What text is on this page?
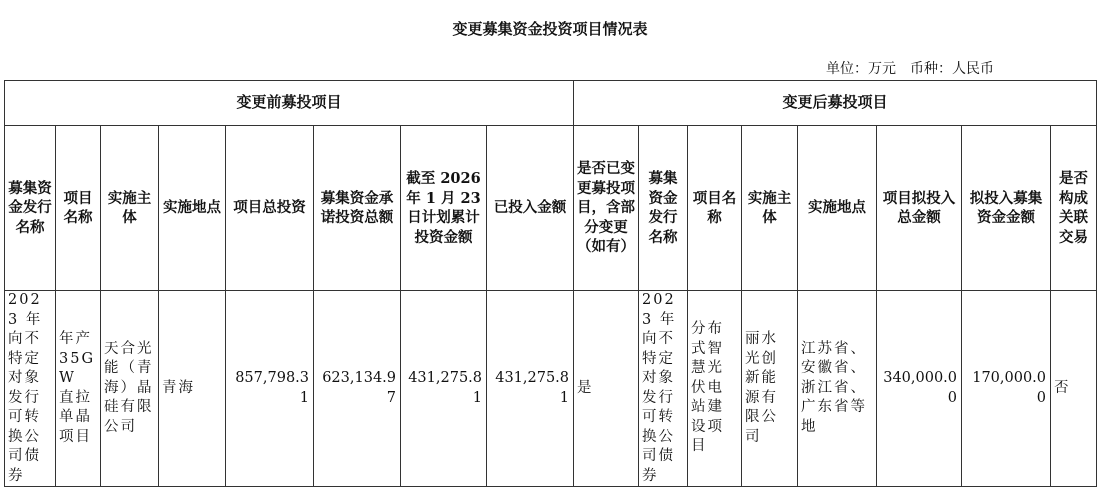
变更募集资金投资项目情况表
单位：万元　币种：人民币
变更前募投项目								变更后募投项目							
募集资金发行名称	项目名称	实施主体	实施地点	项目总投资	募集资金承诺投资总额	截至 2026 年 1 月 23 日计划累计投资金额	已投入金额	是否已变更募投项目，含部分变更（如有）	募集资金发行名称	项目名称	实施主体	实施地点	项目拟投入总金额	拟投入募集资金金额	是否构成关联交易
2023 年向不特定对象发行可转换公司债券	年产 35GW 直拉单晶项目	天合光能（青海）晶硅有限公司	青海	857,798.31	623,134.97	431,275.81	431,275.81	是	2023 年向不特定对象发行可转换公司债券	分布式智慧光伏电站建设项目	丽水光创新能源有限公司	江苏省、安徽省、浙江省、广东省等地	340,000.00	170,000.00	否
